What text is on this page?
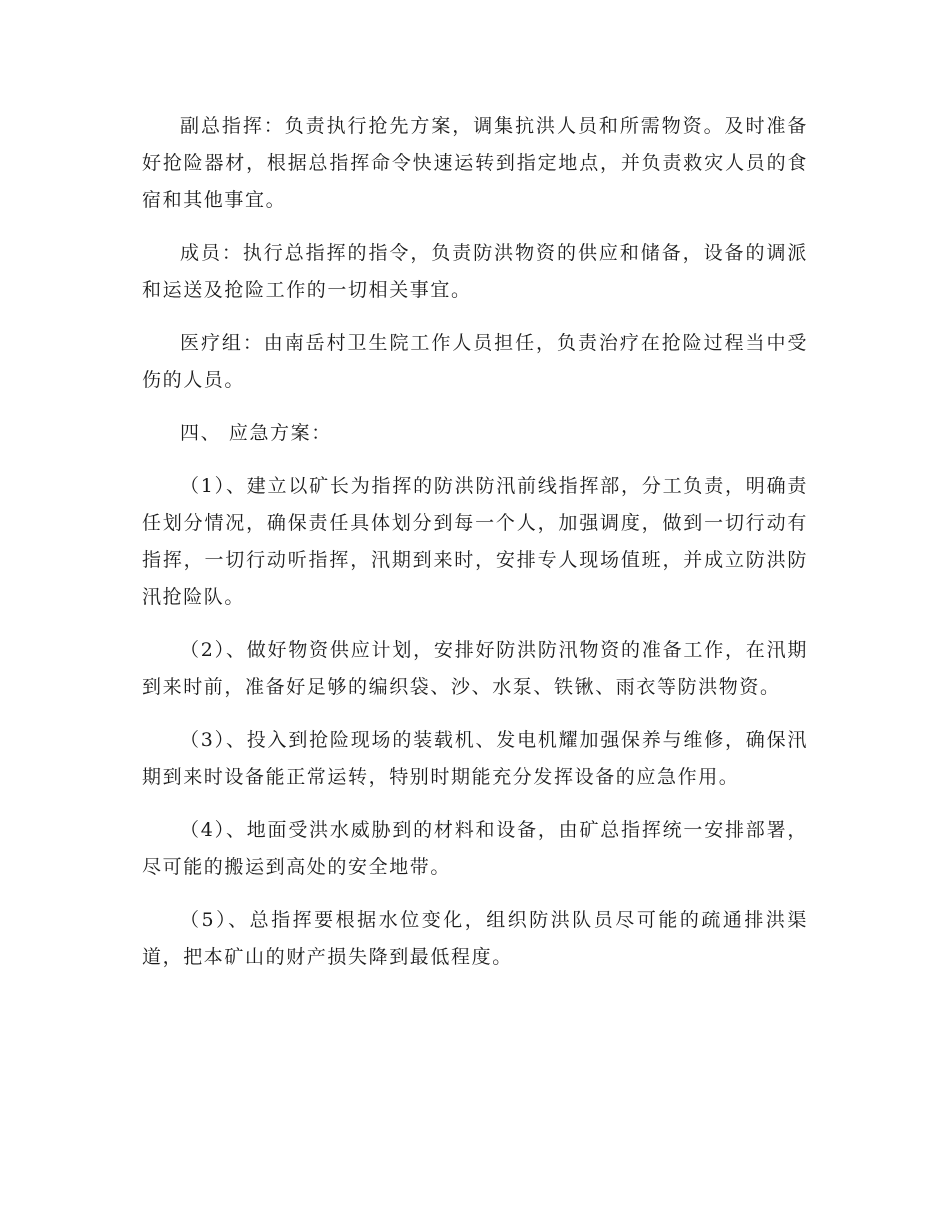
副总指挥：负责执行抢先方案，调集抗洪人员和所需物资。及时准备好抢险器材，根据总指挥命令快速运转到指定地点，并负责救灾人员的食宿和其他事宜。

成员：执行总指挥的指令，负责防洪物资的供应和储备，设备的调派和运送及抢险工作的一切相关事宜。

医疗组：由南岳村卫生院工作人员担任，负责治疗在抢险过程当中受伤的人员。

四、 应急方案：

（1）、建立以矿长为指挥的防洪防汛前线指挥部，分工负责，明确责任划分情况，确保责任具体划分到每一个人，加强调度，做到一切行动有指挥，一切行动听指挥，汛期到来时，安排专人现场值班，并成立防洪防汛抢险队。

（2）、做好物资供应计划，安排好防洪防汛物资的准备工作，在汛期到来时前，准备好足够的编织袋、沙、水泵、铁锹、雨衣等防洪物资。

（3）、投入到抢险现场的装载机、发电机耀加强保养与维修，确保汛期到来时设备能正常运转，特别时期能充分发挥设备的应急作用。

（4）、地面受洪水威胁到的材料和设备，由矿总指挥统一安排部署，尽可能的搬运到高处的安全地带。

（5）、总指挥要根据水位变化，组织防洪队员尽可能的疏通排洪渠道，把本矿山的财产损失降到最低程度。
